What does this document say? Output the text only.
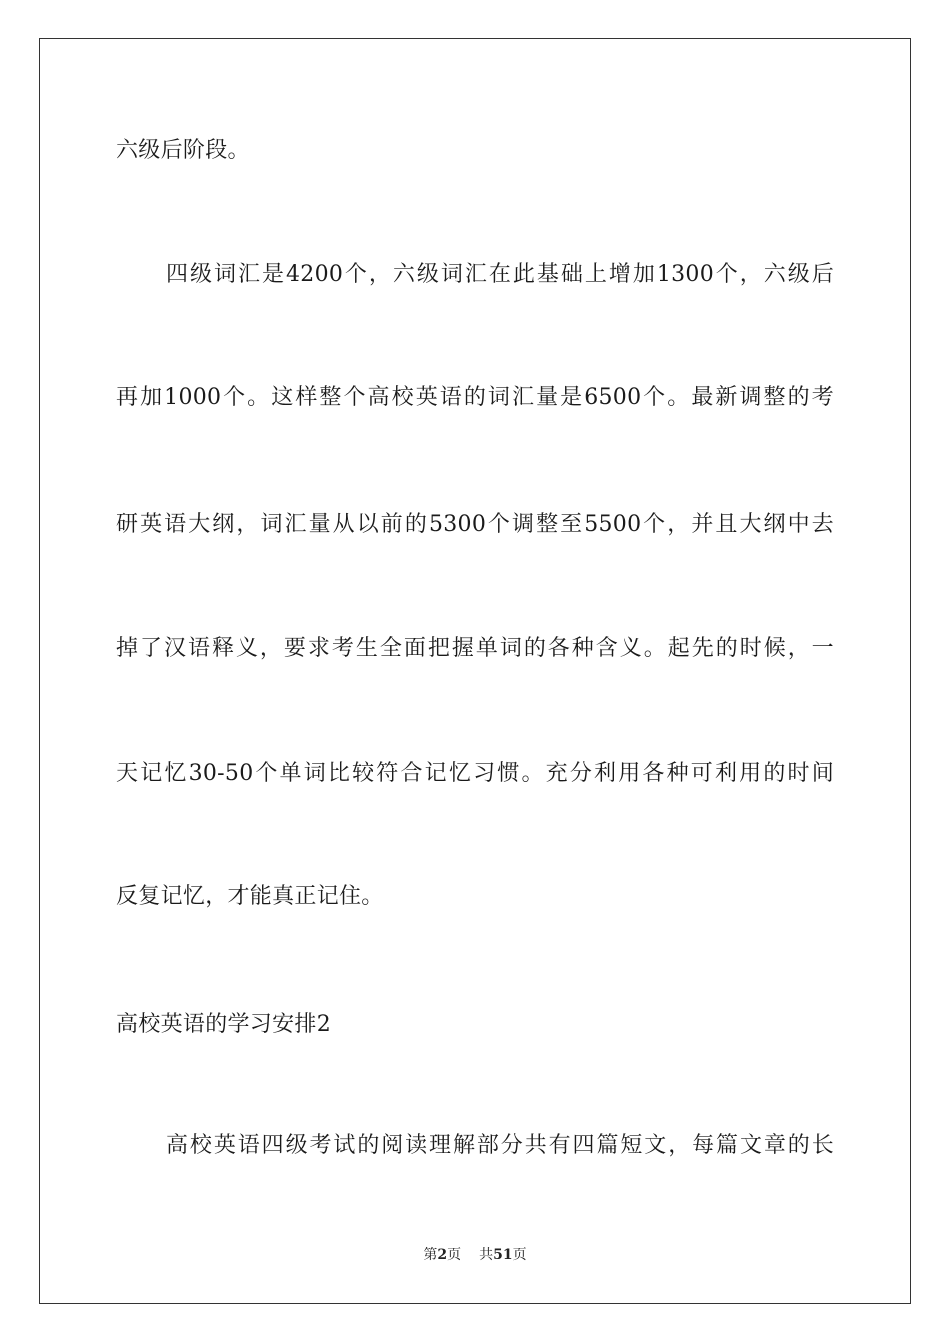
六级后阶段。
四级词汇是4200个，六级词汇在此基础上增加1300个，六级后
再加1000个。这样整个高校英语的词汇量是6500个。最新调整的考
研英语大纲，词汇量从以前的5300个调整至5500个，并且大纲中去
掉了汉语释义，要求考生全面把握单词的各种含义。起先的时候，一
天记忆30-50个单词比较符合记忆习惯。充分利用各种可利用的时间
反复记忆，才能真正记住。
高校英语的学习安排2
高校英语四级考试的阅读理解部分共有四篇短文，每篇文章的长
第2页 共51页
